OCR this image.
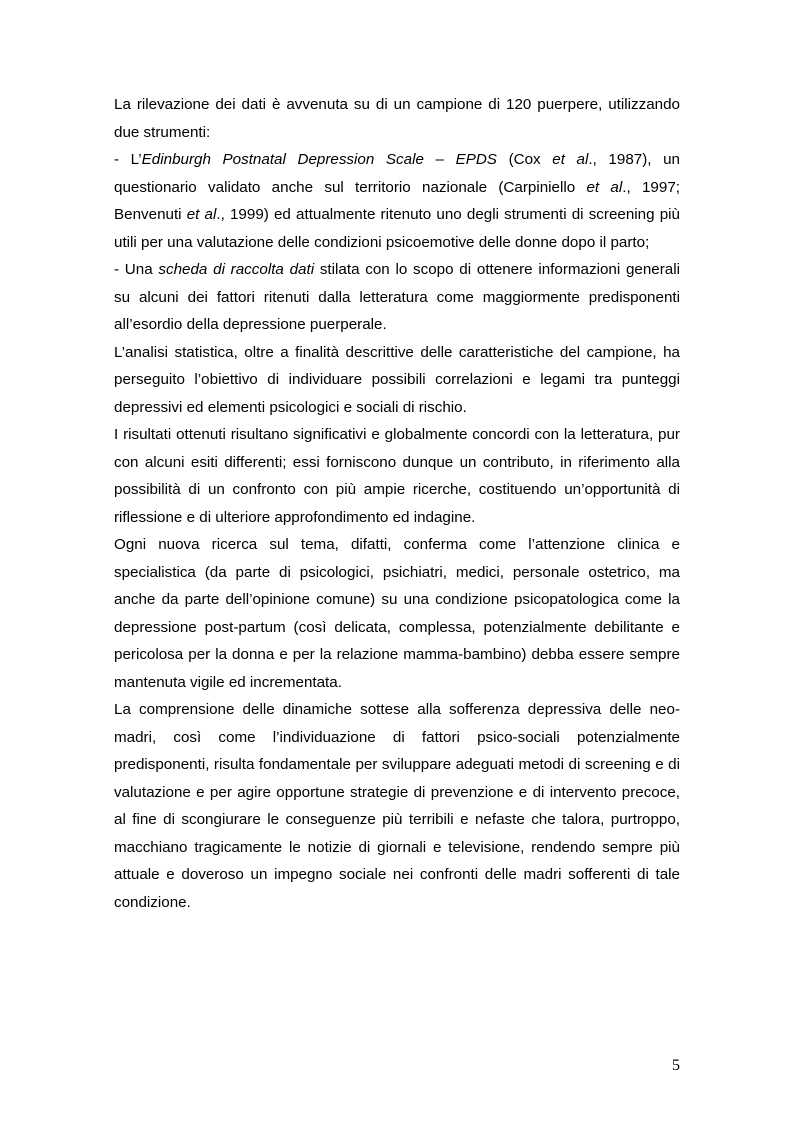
La rilevazione dei dati è avvenuta su di un campione di 120 puerpere, utilizzando due strumenti:

- L’Edinburgh Postnatal Depression Scale – EPDS (Cox et al., 1987), un questionario validato anche sul territorio nazionale (Carpiniello et al., 1997; Benvenuti et al., 1999) ed attualmente ritenuto uno degli strumenti di screening più utili per una valutazione delle condizioni psicoemotive delle donne dopo il parto;

- Una scheda di raccolta dati stilata con lo scopo di ottenere informazioni generali su alcuni dei fattori ritenuti dalla letteratura come maggiormente predisponenti all’esordio della depressione puerperale.

L’analisi statistica, oltre a finalità descrittive delle caratteristiche del campione, ha perseguito l’obiettivo di individuare possibili correlazioni e legami tra punteggi depressivi ed elementi psicologici e sociali di rischio.

I risultati ottenuti risultano significativi e globalmente concordi con la letteratura, pur con alcuni esiti differenti; essi forniscono dunque un contributo, in riferimento alla possibilità di un confronto con più ampie ricerche, costituendo un’opportunità di riflessione e di ulteriore approfondimento ed indagine.

Ogni nuova ricerca sul tema, difatti, conferma come l’attenzione clinica e specialistica (da parte di psicologici, psichiatri, medici, personale ostetrico, ma anche da parte dell’opinione comune) su una condizione psicopatologica come la depressione post-partum (così delicata, complessa, potenzialmente debilitante e pericolosa per la donna e per la relazione mamma-bambino) debba essere sempre mantenuta vigile ed incrementata.

La comprensione delle dinamiche sottese alla sofferenza depressiva delle neo-madri, così come l’individuazione di fattori psico-sociali potenzialmente predisponenti, risulta fondamentale per sviluppare adeguati metodi di screening e di valutazione e per agire opportune strategie di prevenzione e di intervento precoce, al fine di scongiurare le conseguenze più terribili e nefaste che talora, purtroppo, macchiano tragicamente le notizie di giornali e televisione, rendendo sempre più attuale e doveroso un impegno sociale nei confronti delle madri sofferenti di tale condizione.

5
